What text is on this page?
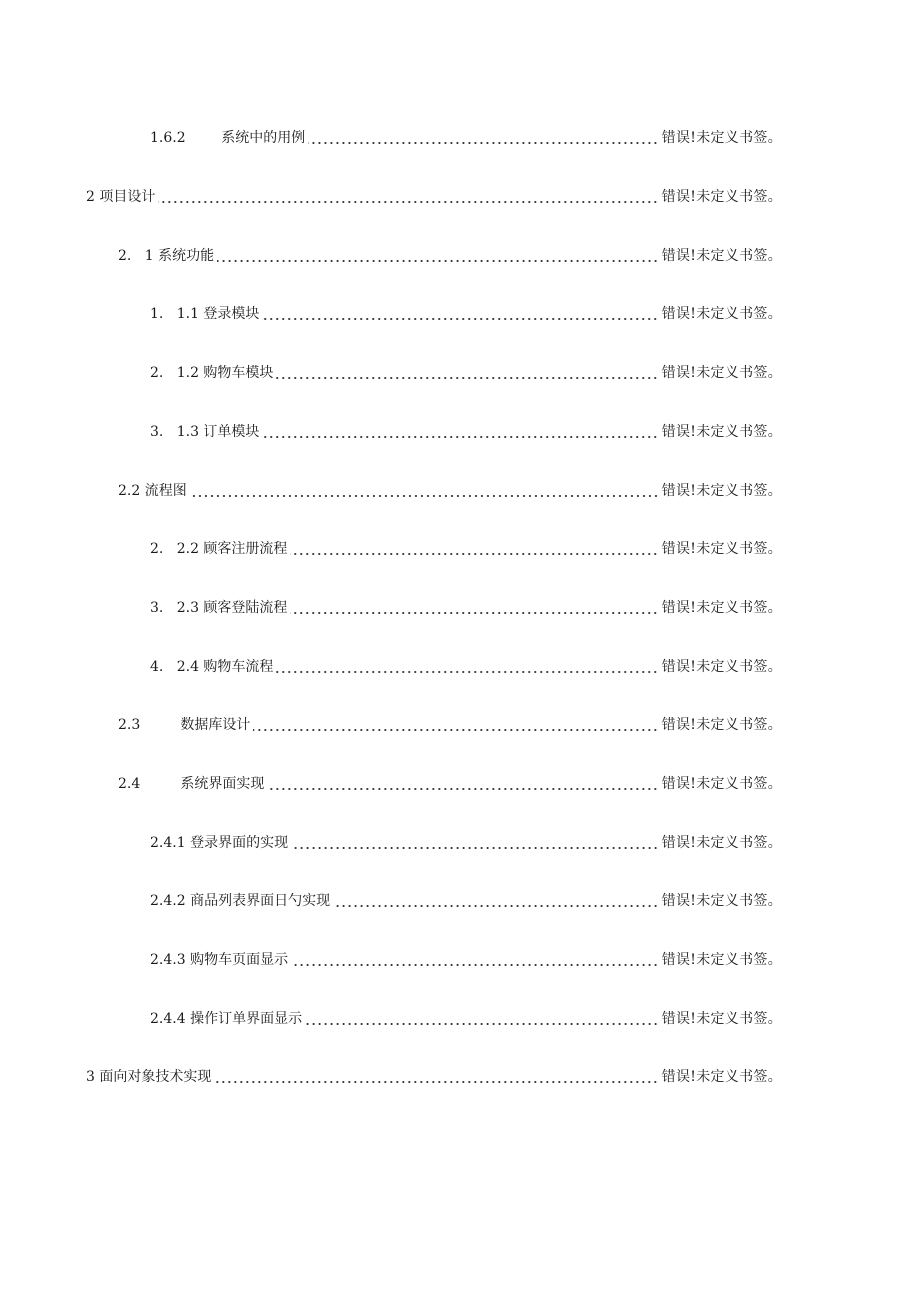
1.6.2        系统中的用例	错误!未定义书签。
2 项目设计	错误!未定义书签。
2.   1 系统功能	错误!未定义书签。
1.   1.1 登录模块	错误!未定义书签。
2.   1.2 购物车模块	错误!未定义书签。
3.   1.3 订单模块	错误!未定义书签。
2.2 流程图	错误!未定义书签。
2.   2.2 顾客注册流程	错误!未定义书签。
3.   2.3 顾客登陆流程	错误!未定义书签。
4.   2.4 购物车流程	错误!未定义书签。
2.3         数据库设计	错误!未定义书签。
2.4         系统界面实现	错误!未定义书签。
2.4.1 登录界面的实现	错误!未定义书签。
2.4.2 商品列表界面日勺实现	错误!未定义书签。
2.4.3 购物车页面显示	错误!未定义书签。
2.4.4 操作订单界面显示	错误!未定义书签。
3 面向对象技术实现	错误!未定义书签。
